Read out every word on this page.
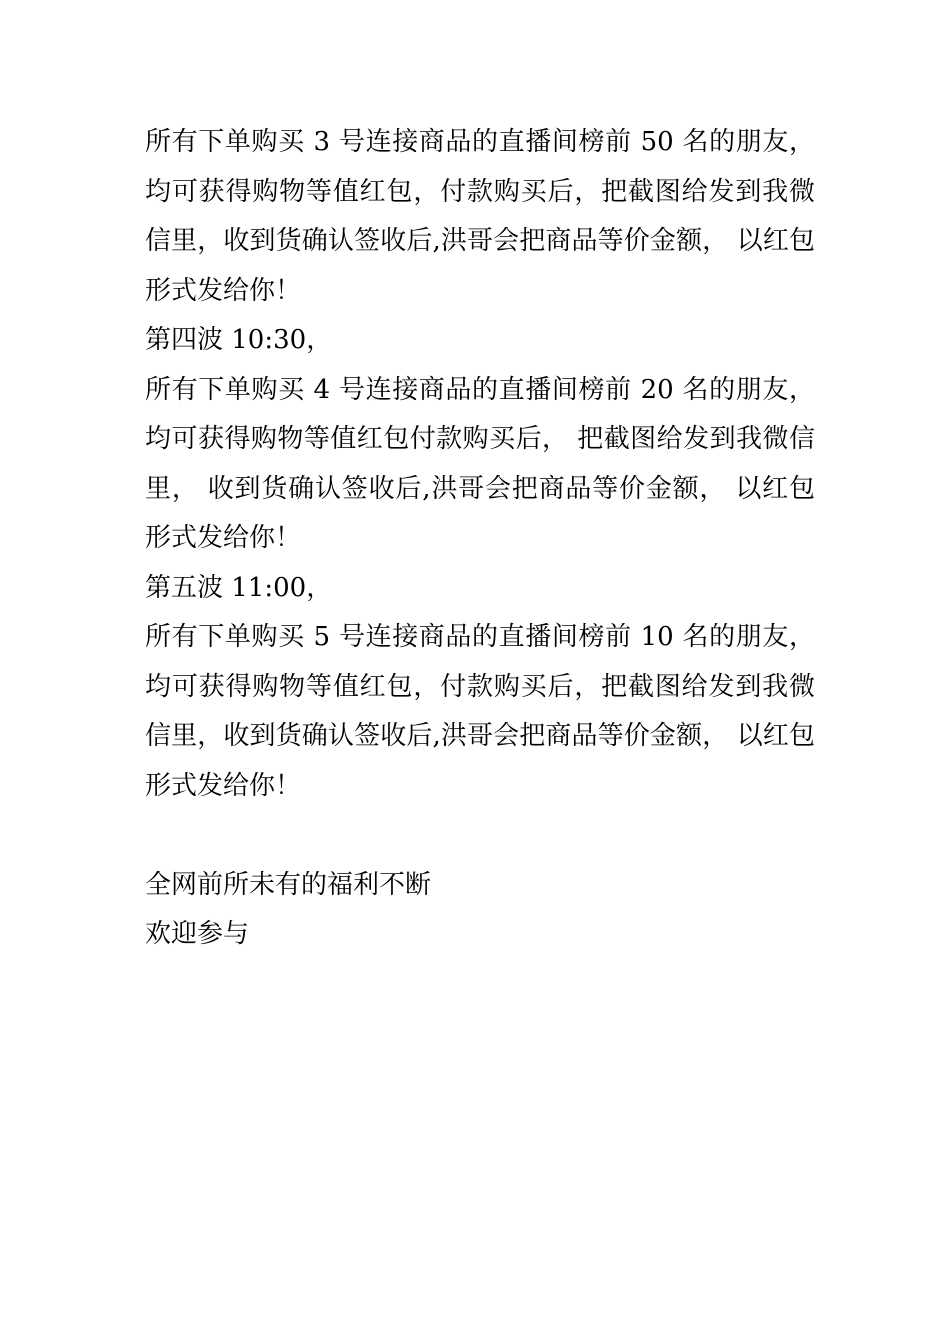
所有下单购买 3 号连接商品的直播间榜前 50 名的朋友，均可获得购物等值红包，付款购买后，把截图给发到我微信里，收到货确认签收后,洪哥会把商品等价金额， 以红包形式发给你！

第四波 10:30，

所有下单购买 4 号连接商品的直播间榜前 20 名的朋友，均可获得购物等值红包付款购买后， 把截图给发到我微信里， 收到货确认签收后,洪哥会把商品等价金额， 以红包形式发给你！

第五波 11:00，

所有下单购买 5 号连接商品的直播间榜前 10 名的朋友，均可获得购物等值红包，付款购买后，把截图给发到我微信里，收到货确认签收后,洪哥会把商品等价金额， 以红包形式发给你！

全网前所未有的福利不断

欢迎参与
